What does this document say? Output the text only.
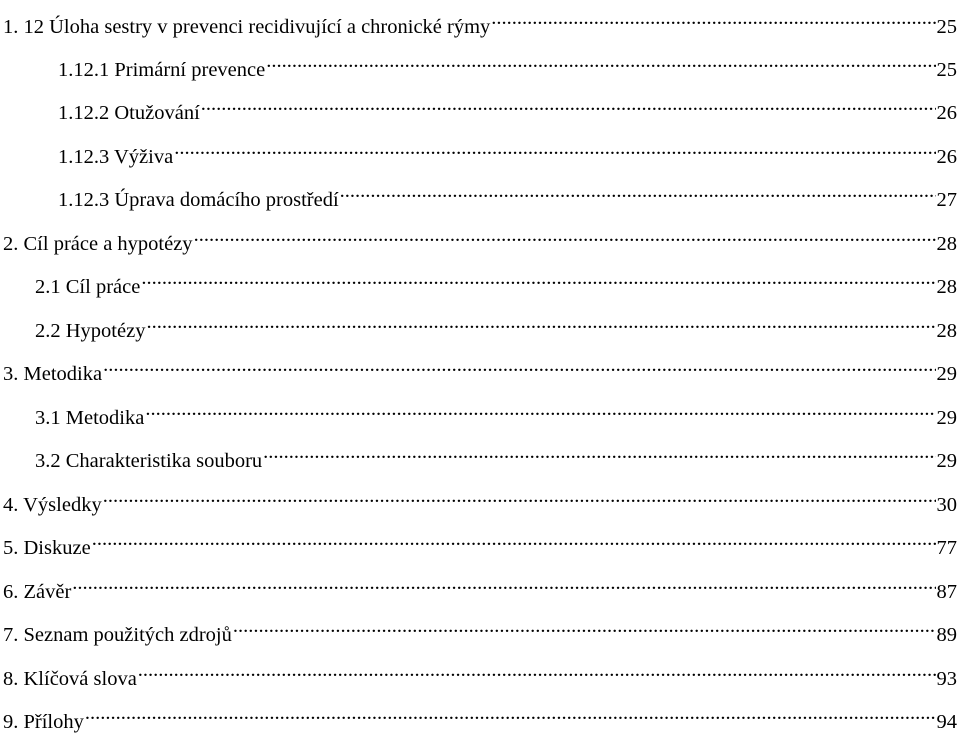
1. 12 Úloha sestry v prevenci recidivující a chronické rýmy .....	25
1.12.1 Primární prevence .....	25
1.12.2 Otužování .....	26
1.12.3 Výživa .....	26
1.12.3 Úprava domácího prostředí .....	27
2. Cíl práce a hypotézy .....	28
2.1 Cíl práce .....	28
2.2 Hypotézy .....	28
3. Metodika .....	29
3.1 Metodika .....	29
3.2 Charakteristika souboru .....	29
4. Výsledky .....	30
5. Diskuze .....	77
6. Závěr .....	87
7. Seznam použitých zdrojů .....	89
8. Klíčová slova .....	93
9. Přílohy .....	94
